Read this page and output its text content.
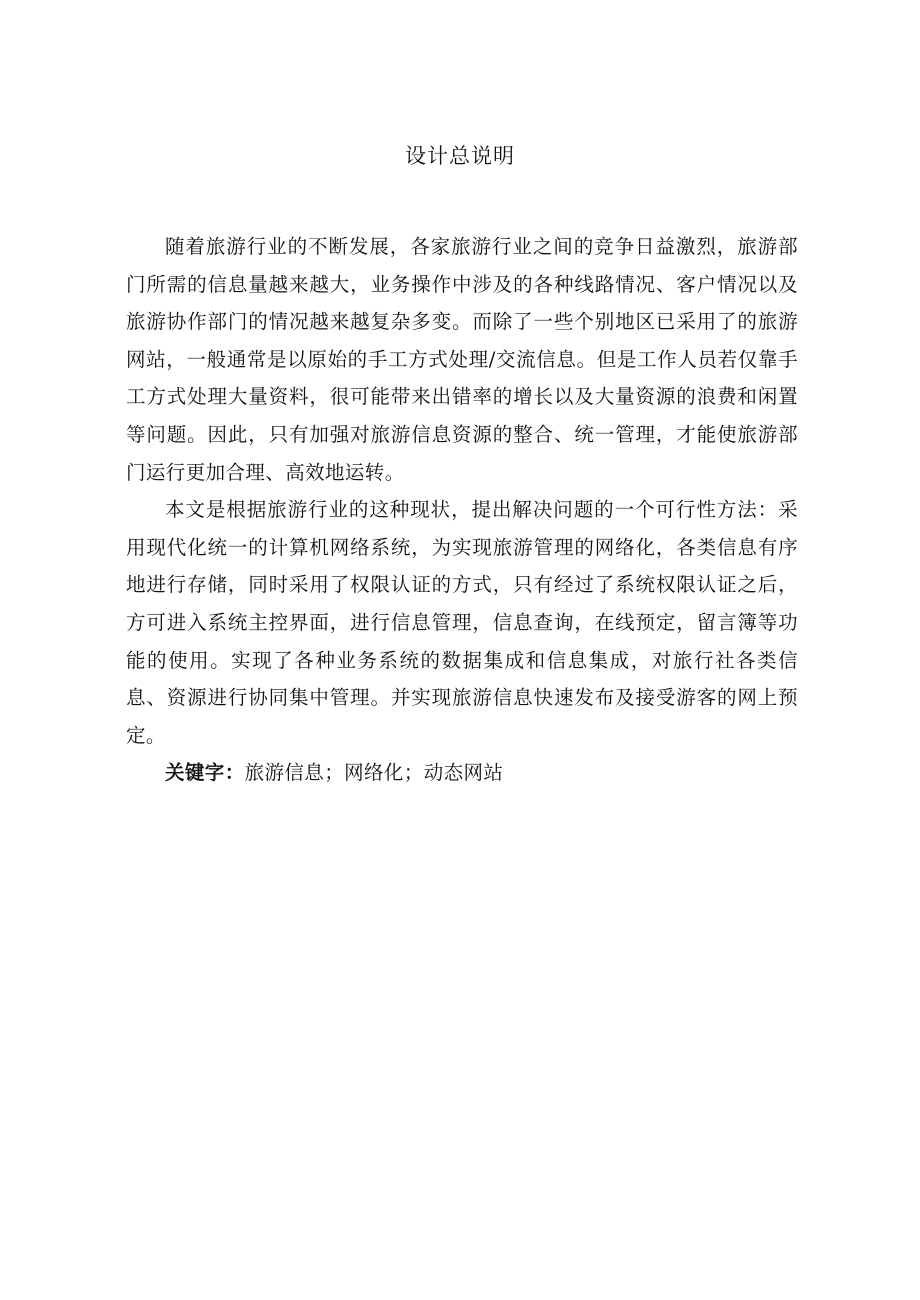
设计总说明

随着旅游行业的不断发展，各家旅游行业之间的竞争日益激烈，旅游部门所需的信息量越来越大，业务操作中涉及的各种线路情况、客户情况以及旅游协作部门的情况越来越复杂多变。而除了一些个别地区已采用了的旅游网站，一般通常是以原始的手工方式处理/交流信息。但是工作人员若仅靠手工方式处理大量资料，很可能带来出错率的增长以及大量资源的浪费和闲置等问题。因此，只有加强对旅游信息资源的整合、统一管理，才能使旅游部门运行更加合理、高效地运转。

本文是根据旅游行业的这种现状，提出解决问题的一个可行性方法：采用现代化统一的计算机网络系统，为实现旅游管理的网络化，各类信息有序地进行存储，同时采用了权限认证的方式，只有经过了系统权限认证之后，方可进入系统主控界面，进行信息管理，信息查询，在线预定，留言簿等功能的使用。实现了各种业务系统的数据集成和信息集成，对旅行社各类信息、资源进行协同集中管理。并实现旅游信息快速发布及接受游客的网上预定。

关键字：旅游信息；网络化；动态网站
